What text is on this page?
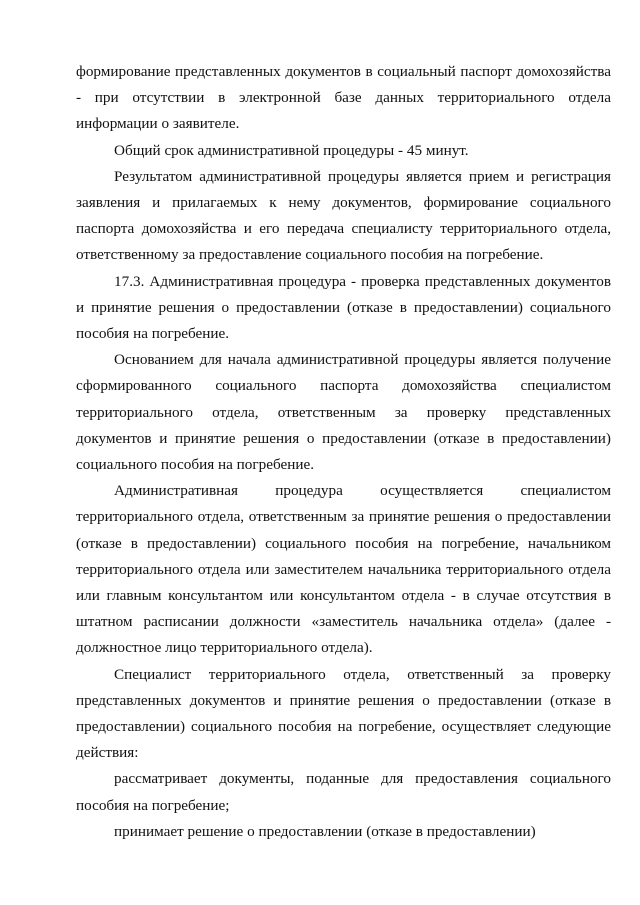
формирование представленных документов в социальный паспорт домохозяйства - при отсутствии в электронной базе данных территориального отдела информации о заявителе.

Общий срок административной процедуры - 45 минут.

Результатом административной процедуры является прием и регистрация заявления и прилагаемых к нему документов, формирование социального паспорта домохозяйства и его передача специалисту территориального отдела, ответственному за предоставление социального пособия на погребение.

17.3. Административная процедура - проверка представленных документов и принятие решения о предоставлении (отказе в предоставлении) социального пособия на погребение.

Основанием для начала административной процедуры является получение сформированного социального паспорта домохозяйства специалистом территориального отдела, ответственным за проверку представленных документов и принятие решения о предоставлении (отказе в предоставлении) социального пособия на погребение.

Административная процедура осуществляется специалистом территориального отдела, ответственным за принятие решения о предоставлении (отказе в предоставлении) социального пособия на погребение, начальником территориального отдела или заместителем начальника территориального отдела или главным консультантом или консультантом отдела - в случае отсутствия в штатном расписании должности «заместитель начальника отдела» (далее - должностное лицо территориального отдела).

Специалист территориального отдела, ответственный за проверку представленных документов и принятие решения о предоставлении (отказе в предоставлении) социального пособия на погребение, осуществляет следующие действия:

рассматривает документы, поданные для предоставления социального пособия на погребение;

принимает решение о предоставлении (отказе в предоставлении)
